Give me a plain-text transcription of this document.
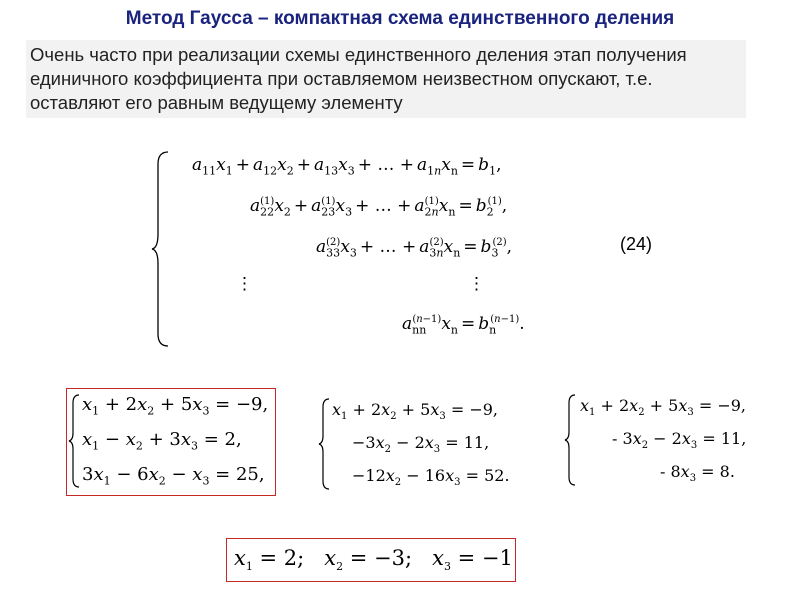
Метод Гаусса – компактная схема единственного деления
Очень часто при реализации схемы единственного деления этап получения
единичного коэффициента при оставляемом неизвестном опускают, т.е.
оставляют его равным ведущему элементу
$a_{11}x_1 + a_{12}x_2 + a_{13}x_3$ + … + $a_{1n}x_n = b_1$,
$a_{22}^{(1)}x_2 + a_{23}^{(1)}x_3$ + … + $a_{2n}^{(1)}x_n = b_2^{(1)}$,
$a_{33}^{(2)}x_3$ + … + $a_{3n}^{(2)}x_n = b_3^{(2)}$,
⋮	⋮
$a_{nn}^{(n-1)}x_n = b_n^{(n-1)}$.
(24)
$x_1 + 2x_2 + 5x_3 = -9$,
$x_1 - x_2 + 3x_3 = 2$,
$3x_1 - 6x_2 - x_3 = 25$,
$x_1 + 2x_2 + 5x_3 = -9$,
$-3x_2 - 2x_3 = 11$,
$-12x_2 - 16x_3 = 52$.
$x_1 + 2x_2 + 5x_3 = -9$,
- $3x_2 - 2x_3 = 11$,
- $8x_3 = 8$.
$x_1 = 2$;   $x_2 = -3$;   $x_3 = -1$
